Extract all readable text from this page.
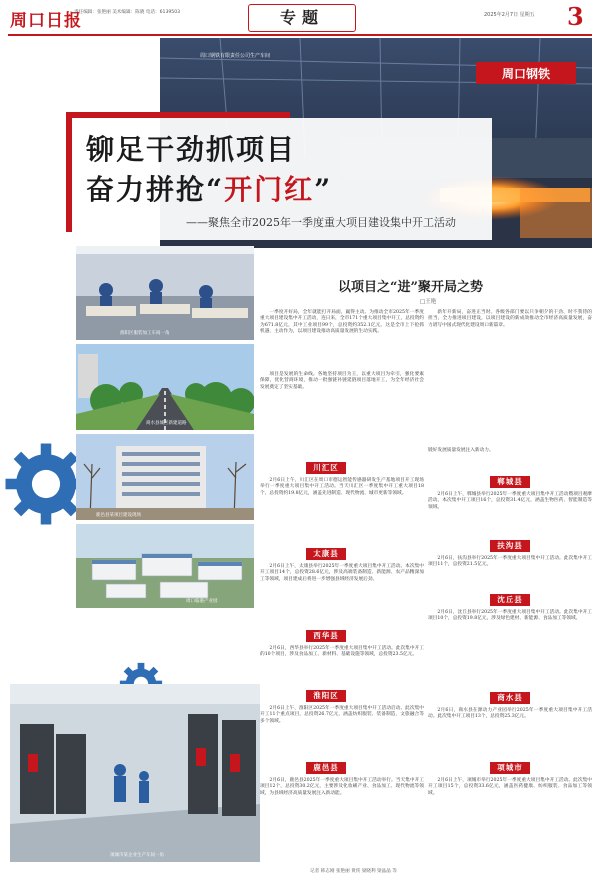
周口日报
责任编辑：张艳丽 美术编辑：陈晓 电话：6139503	专题	2025年2月7日 星期五 3
周口钢铁
周口钢铁有限责任公司生产车间
铆足干劲抓项目
奋力拼抢“开门红”
——聚焦全市2025年一季度重大项目建设集中开工活动
淮阳区服装加工车间一角
商水县城区新建道路
鹿邑县某项目建设现场
周口临港产业园
项城市某企业生产车间一角
以项目之“进”聚开局之势
□王艳
一季度开好局，全年就能打开局面，赢得主动。为推动全市2025年一季度重大项目建设集中开工活动，连日来，全市171个重大项目集中开工，总投资约为671.8亿元，其中工业项目99个，总投资约352.1亿元。这是全市上下抢抓机遇、主动作为，以项目建设推动高质量发展的生动实践。
项目是发展的生命线。各地坚持项目为王，以重大项目为牵引，强化要素保障，优化营商环境，推动一批强链补链延链项目落地开工，为全年经济社会发展奠定了坚实基础。
新年开新局，奋进正当时。各级各部门要以只争朝夕的干劲、时不我待的担当，全力推进项目建设，以项目建设的新成效推动全市经济高质量发展，奋力谱写中国式现代化建设周口新篇章。
川汇区
2月6日上午，川汇区在周口市德运智能传感器研发生产基地项目开工现场举行一季度重大项目集中开工活动。当天川汇区一季度集中开工重大项目18个，总投资约19.8亿元，涵盖先进制造、现代物流、城市更新等领域。
太康县
2月6日上午，太康县举行2025年一季度重大项目集中开工活动。本次集中开工项目14个，总投资28.6亿元，涉及高端装备制造、新能源、农产品精深加工等领域，项目建成后将进一步增强县域经济发展后劲。
西华县
2月6日，西华县举行2025年一季度重大项目集中开工活动。此次集中开工的10个项目，涉及食品加工、新材料、基础设施等领域，总投资23.5亿元。
淮阳区
2月6日上午，淮阳区2025年一季度重大项目集中开工活动启动。此次集中开工11个重点项目，总投资26.7亿元，涵盖纺织服装、装备制造、文旅融合等多个领域。
鹿邑县
2月6日，鹿邑县2025年一季度重大项目集中开工活动举行。当天集中开工项目12个，总投资30.2亿元，主要涉及化妆刷产业、食品加工、现代物流等领域，为县域经济高质量发展注入新动能。
锻好发展质量发展注入新动力。
郸城县
2月6日上午，郸城县举行2025年一季度重大项目集中开工活动暨项目观摩活动。本次集中开工项目16个，总投资31.4亿元，涵盖生物医药、智能制造等领域。
扶沟县
2月6日，扶沟县举行2025年一季度重大项目集中开工活动。此次集中开工项目11个，总投资21.5亿元。
沈丘县
2月6日，沈丘县举行2025年一季度重大项目集中开工活动。此次集中开工项目10个，总投资19.8亿元，涉及绿色建材、新能源、食品加工等领域。
商水县
2月6日，商水县在源动力产业园举行2025年一季度重大项目集中开工活动。此次集中开工项目13个，总投资25.3亿元。
项城市
2月6日上午，项城市举行2025年一季度重大项目集中开工活动。此次集中开工项目15个，总投资33.6亿元，涵盖医药健康、纺织服装、食品加工等领域。
记者 韩志刚 张艳丽 黄侠 梁晓利 梁晶晶 等
